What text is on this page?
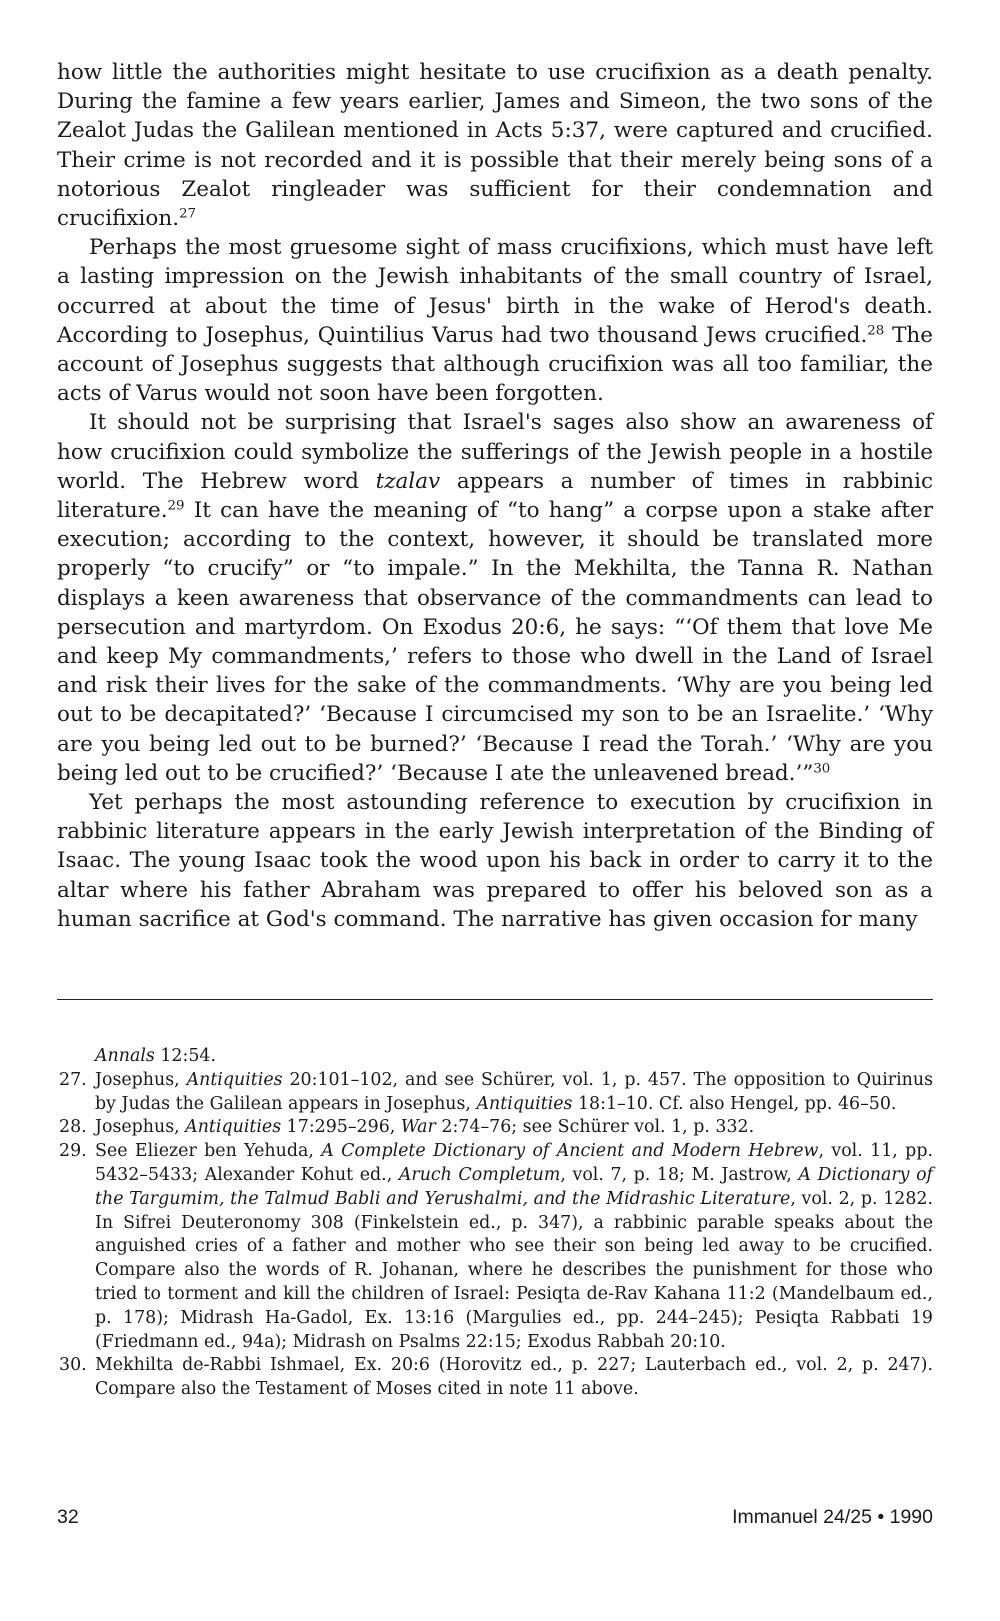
how little the authorities might hesitate to use crucifixion as a death penalty. During the famine a few years earlier, James and Simeon, the two sons of the Zealot Judas the Galilean mentioned in Acts 5:37, were captured and crucified. Their crime is not recorded and it is possible that their merely being sons of a notorious Zealot ringleader was sufficient for their condemnation and crucifixion.$^{27}$

Perhaps the most gruesome sight of mass crucifixions, which must have left a lasting impression on the Jewish inhabitants of the small country of Israel, occurred at about the time of Jesus' birth in the wake of Herod's death. According to Josephus, Quintilius Varus had two thousand Jews crucified.$^{28}$ The account of Josephus suggests that although crucifixion was all too familiar, the acts of Varus would not soon have been forgotten.

It should not be surprising that Israel's sages also show an awareness of how crucifixion could symbolize the sufferings of the Jewish people in a hostile world. The Hebrew word tzalav appears a number of times in rabbinic literature.$^{29}$ It can have the meaning of “to hang” a corpse upon a stake after execution; according to the context, however, it should be translated more properly “to crucify” or “to impale.” In the Mekhilta, the Tanna R. Nathan displays a keen awareness that observance of the commandments can lead to persecution and martyrdom. On Exodus 20:6, he says: “‘Of them that love Me and keep My commandments,’ refers to those who dwell in the Land of Israel and risk their lives for the sake of the commandments. ‘Why are you being led out to be decapitated?’ ‘Because I circumcised my son to be an Israelite.’ ‘Why are you being led out to be burned?’ ‘Because I read the Torah.’ ‘Why are you being led out to be crucified?’ ‘Because I ate the unleavened bread.’”$^{30}$

Yet perhaps the most astounding reference to execution by crucifixion in rabbinic literature appears in the early Jewish interpretation of the Binding of Isaac. The young Isaac took the wood upon his back in order to carry it to the altar where his father Abraham was prepared to offer his beloved son as a human sacrifice at God's command. The narrative has given occasion for many

Annals 12:54.

27. Josephus, Antiquities 20:101–102, and see Schürer, vol. 1, p. 457. The opposition to Quirinus by Judas the Galilean appears in Josephus, Antiquities 18:1–10. Cf. also Hengel, pp. 46–50.

28. Josephus, Antiquities 17:295–296, War 2:74–76; see Schürer vol. 1, p. 332.

29. See Eliezer ben Yehuda, A Complete Dictionary of Ancient and Modern Hebrew, vol. 11, pp. 5432–5433; Alexander Kohut ed., Aruch Completum, vol. 7, p. 18; M. Jastrow, A Dictionary of the Targumim, the Talmud Babli and Yerushalmi, and the Midrashic Literature, vol. 2, p. 1282. In Sifrei Deuteronomy 308 (Finkelstein ed., p. 347), a rabbinic parable speaks about the anguished cries of a father and mother who see their son being led away to be crucified. Compare also the words of R. Johanan, where he describes the punishment for those who tried to torment and kill the children of Israel: Pesiqta de-Rav Kahana 11:2 (Mandelbaum ed., p. 178); Midrash Ha-Gadol, Ex. 13:16 (Margulies ed., pp. 244–245); Pesiqta Rabbati 19 (Friedmann ed., 94a); Midrash on Psalms 22:15; Exodus Rabbah 20:10.

30. Mekhilta de-Rabbi Ishmael, Ex. 20:6 (Horovitz ed., p. 227; Lauterbach ed., vol. 2, p. 247). Compare also the Testament of Moses cited in note 11 above.

32	Immanuel 24/25 • 1990
